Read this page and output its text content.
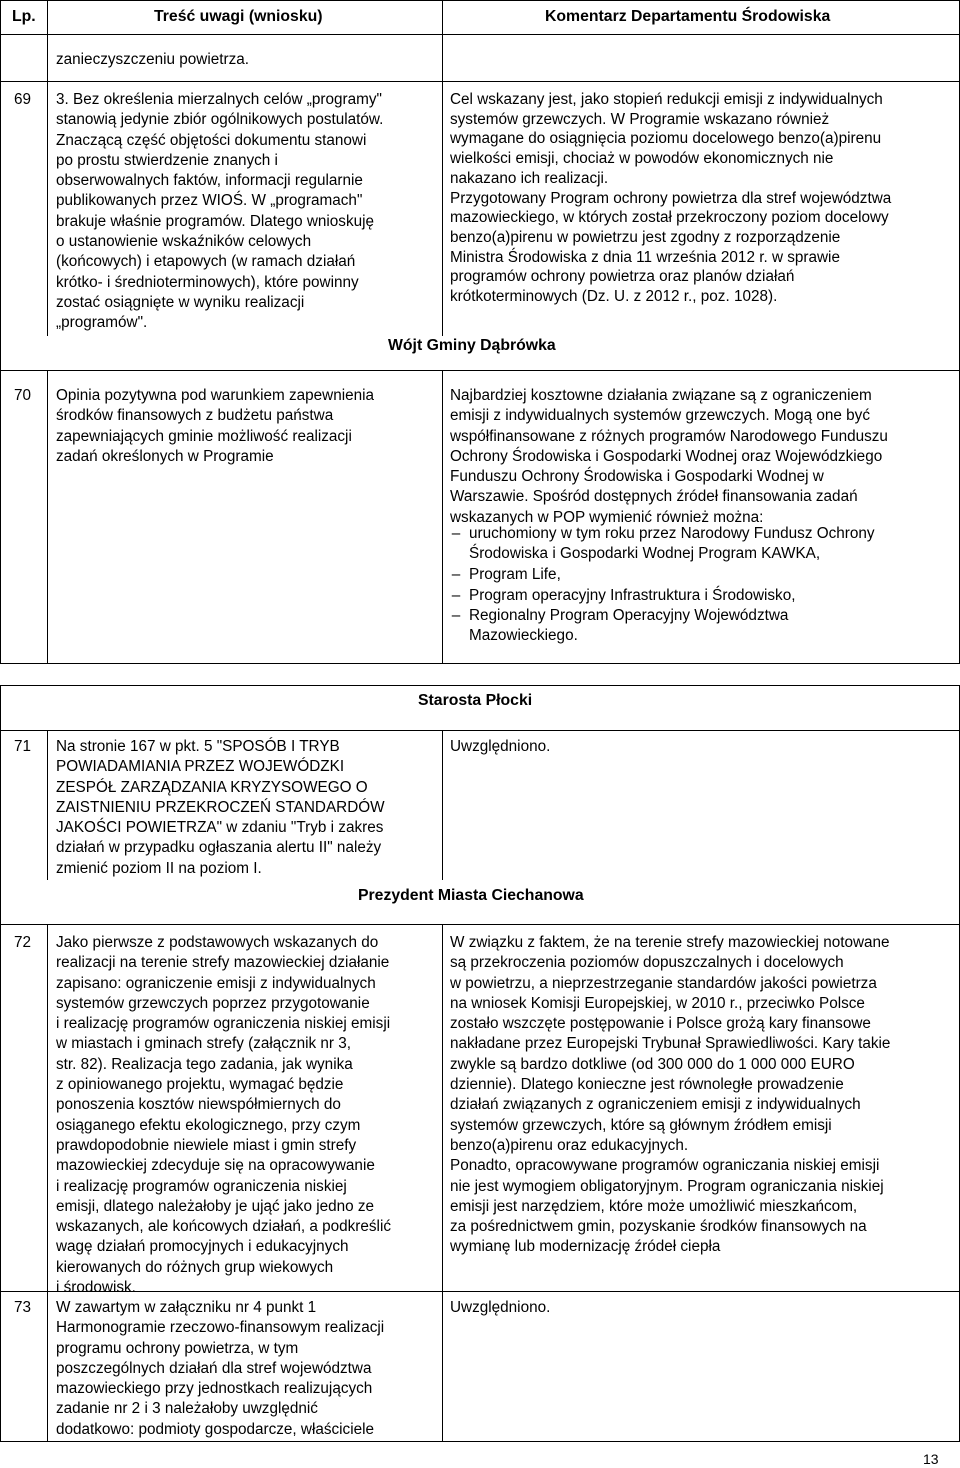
Lp.	Treść uwagi (wniosku)	Komentarz Departamentu Środowiska
zanieczyszczeniu powietrza.
69 3. Bez określenia mierzalnych celów „programy"
stanowią jedynie zbiór ogólnikowych postulatów.
Znaczącą część objętości dokumentu stanowi
po prostu stwierdzenie znanych i
obserwowalnych faktów, informacji regularnie
publikowanych przez WIOŚ. W „programach"
brakuje właśnie programów. Dlatego wnioskuję
o ustanowienie wskaźników celowych
(końcowych) i etapowych (w ramach działań
krótko- i średnioterminowych), które powinny
zostać osiągnięte w wyniku realizacji
„programów".
Cel wskazany jest, jako stopień redukcji emisji z indywidualnych
systemów grzewczych. W Programie wskazano również
wymagane do osiągnięcia poziomu docelowego benzo(a)pirenu
wielkości emisji, chociaż w powodów ekonomicznych nie
nakazano ich realizacji.
Przygotowany Program ochrony powietrza dla stref województwa
mazowieckiego, w których został przekroczony poziom docelowy
benzo(a)pirenu w powietrzu jest zgodny z rozporządzenie
Ministra Środowiska z dnia 11 września 2012 r. w sprawie
programów ochrony powietrza oraz planów działań
krótkoterminowych (Dz. U. z 2012 r., poz. 1028).
Wójt Gminy Dąbrówka
70 Opinia pozytywna pod warunkiem zapewnienia
środków finansowych z budżetu państwa
zapewniających gminie możliwość realizacji
zadań określonych w Programie
Najbardziej kosztowne działania związane są z ograniczeniem
emisji z indywidualnych systemów grzewczych. Mogą one być
współfinansowane z różnych programów Narodowego Funduszu
Ochrony Środowiska i Gospodarki Wodnej oraz Wojewódzkiego
Funduszu Ochrony Środowiska i Gospodarki Wodnej w
Warszawie. Spośród dostępnych źródeł finansowania zadań
wskazanych w POP wymienić również można:
– uruchomiony w tym roku przez Narodowy Fundusz Ochrony
Środowiska i Gospodarki Wodnej Program KAWKA,
– Program Life,
– Program operacyjny Infrastruktura i Środowisko,
– Regionalny Program Operacyjny Województwa
Mazowieckiego.
Starosta Płocki
71 Na stronie 167 w pkt. 5 "SPOSÓB I TRYB
POWIADAMIANIA PRZEZ WOJEWÓDZKI
ZESPÓŁ ZARZĄDZANIA KRYZYSOWEGO O
ZAISTNIENIU PRZEKROCZEŃ STANDARDÓW
JAKOŚCI POWIETRZA" w zdaniu "Tryb i zakres
działań w przypadku ogłaszania alertu II" należy
zmienić poziom II na poziom I.
Uwzględniono.
Prezydent Miasta Ciechanowa
72 Jako pierwsze z podstawowych wskazanych do
realizacji na terenie strefy mazowieckiej działanie
zapisano: ograniczenie emisji z indywidualnych
systemów grzewczych poprzez przygotowanie
i realizację programów ograniczenia niskiej emisji
w miastach i gminach strefy (załącznik nr 3,
str. 82). Realizacja tego zadania, jak wynika
z opiniowanego projektu, wymagać będzie
ponoszenia kosztów niewspółmiernych do
osiąganego efektu ekologicznego, przy czym
prawdopodobnie niewiele miast i gmin strefy
mazowieckiej zdecyduje się na opracowywanie
i realizację programów ograniczenia niskiej
emisji, dlatego należałoby je ująć jako jedno ze
wskazanych, ale końcowych działań, a podkreślić
wagę działań promocyjnych i edukacyjnych
kierowanych do różnych grup wiekowych
i środowisk.
W związku z faktem, że na terenie strefy mazowieckiej notowane
są przekroczenia poziomów dopuszczalnych i docelowych
w powietrzu, a nieprzestrzeganie standardów jakości powietrza
na wniosek Komisji Europejskiej, w 2010 r., przeciwko Polsce
zostało wszczęte postępowanie i Polsce grożą kary finansowe
nakładane przez Europejski Trybunał Sprawiedliwości. Kary takie
zwykle są bardzo dotkliwe (od 300 000 do 1 000 000 EURO
dziennie). Dlatego konieczne jest równoległe prowadzenie
działań związanych z ograniczeniem emisji z indywidualnych
systemów grzewczych, które są głównym źródłem emisji
benzo(a)pirenu oraz edukacyjnych.
Ponadto, opracowywane programów ograniczania niskiej emisji
nie jest wymogiem obligatoryjnym. Program ograniczania niskiej
emisji jest narzędziem, które może umożliwić mieszkańcom,
za pośrednictwem gmin, pozyskanie środków finansowych na
wymianę lub modernizację źródeł ciepła
73 W zawartym w załączniku nr 4 punkt 1
Harmonogramie rzeczowo-finansowym realizacji
programu ochrony powietrza, w tym
poszczególnych działań dla stref województwa
mazowieckiego przy jednostkach realizujących
zadanie nr 2 i 3 należałoby uwzględnić
dodatkowo: podmioty gospodarcze, właściciele
Uwzględniono.
13
